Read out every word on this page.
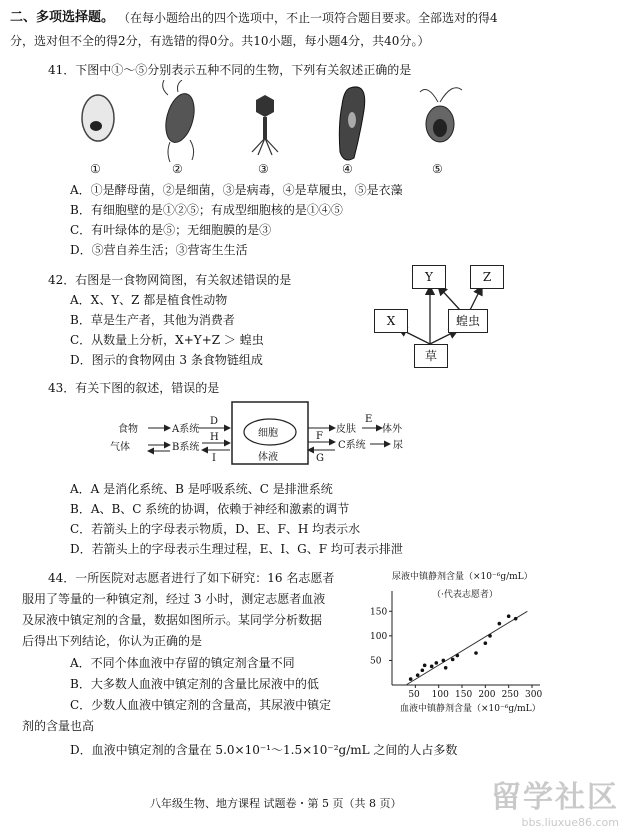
二、多项选择题。 （在每小题给出的四个选项中，不止一项符合题目要求。全部选对的得4
分，选对但不全的得2分，有选错的得0分。共10小题，每小题4分，共40分。）
41．下图中①～⑤分别表示五种不同的生物，下列有关叙述正确的是
①	②	③	④	⑤
A．①是酵母菌，②是细菌，③是病毒，④是草履虫，⑤是衣藻
B．有细胞壁的是①②⑤；有成型细胞核的是①④⑤
C．有叶绿体的是⑤；无细胞膜的是③
D．⑤营自养生活；③营寄生生活
42．右图是一食物网简图，有关叙述错误的是
A．X、Y、Z 都是植食性动物
B．草是生产者，其他为消费者
C．从数量上分析，X+Y+Z ＞ 蝗虫
D．图示的食物网由 3 条食物链组成
Y	Z
X	蝗虫
草
43．有关下图的叙述，错误的是
食物	A系统
D
气体	B系统
H
I
细胞
体液
皮肤
E
体外
F
G
C系统	尿
A．A 是消化系统、B 是呼吸系统、C 是排泄系统
B．A、B、C 系统的协调，依赖于神经和激素的调节
C．若箭头上的字母表示物质，D、E、F、H 均表示水
D．若箭头上的字母表示生理过程，E、I、G、F 均可表示排泄
44．一所医院对志愿者进行了如下研究：16 名志愿者
服用了等量的一种镇定剂，经过 3 小时，测定志愿者血液
及尿液中镇定剂的含量，数据如图所示。某同学分析数据
后得出下列结论，你认为正确的是
A．不同个体血液中存留的镇定剂含量不同
B．大多数人血液中镇定剂的含量比尿液中的低
C．少数人血液中镇定剂的含量高，其尿液中镇定
剂的含量也高
D．血液中镇定剂的含量在 5.0×10⁻¹～1.5×10⁻²g/mL 之间的人占多数
尿液中镇静剂含量（×10⁻⁶g/mL）
（·代表志愿者）
血液中镇静剂含量（×10⁻⁶g/mL）
50 100 150 200 250 300
50
100
150
八年级生物、地方课程 试题卷・第 5 页（共 8 页）	留学社区
bbs.liuxue86.com
